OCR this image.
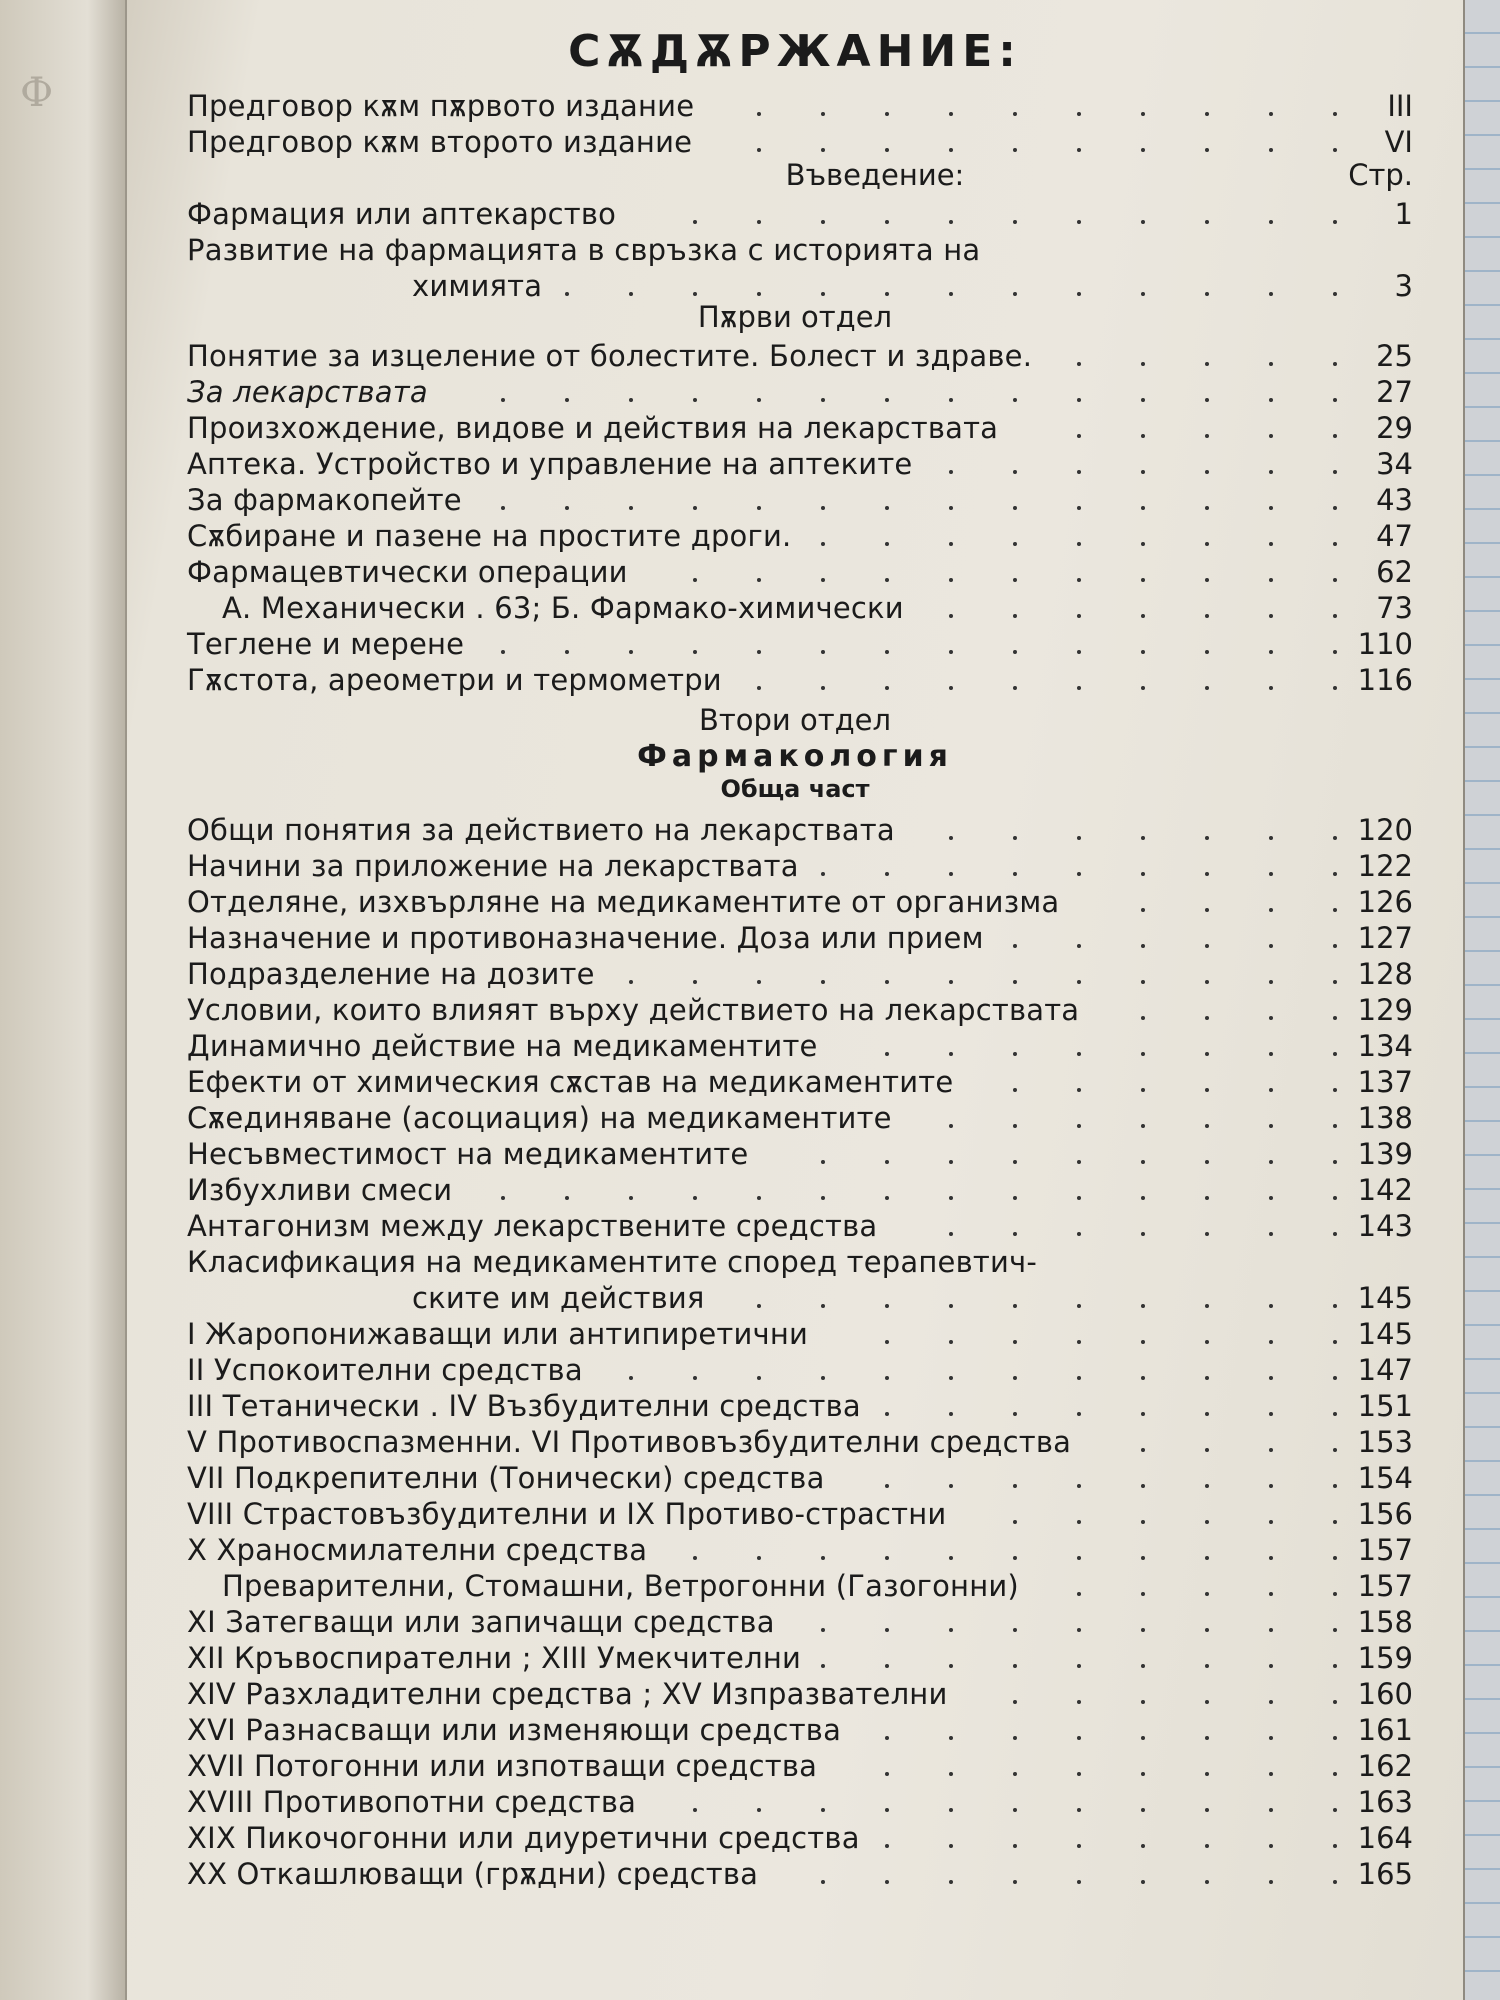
Ф
СѪДѪРЖАНИЕ:
Въведение:	Стр.
Пѫрви отдел
Втори отдел
Фармакология
Обща част
Предговор кѫм пѫрвото издание	III
Предговор кѫм второто издание	VI
Фармация или аптекарство	1
Развитие на фармацията в свръзка с историята на
химията	3
Понятие за изцеление от болестите. Болест и здраве.	25
За лекарствата	27
Произхождение, видове и действия на лекарствата	29
Аптека. Устройство и управление на аптеките	34
За фармакопейте	43
Сѫбиране и пазене на простите дроги.	47
Фармацевтически операции	62
А. Механически . 63; Б. Фармако-химически	73
Теглене и мерене	110
Гѫстота, ареометри и термометри	116
Общи понятия за действието на лекарствата	120
Начини за приложение на лекарствата	122
Отделяне, изхвърляне на медикаментите от организма	126
Назначение и противоназначение. Доза или прием	127
Подразделение на дозите	128
Условии, които влияят върху действието на лекарствата	129
Динамично действие на медикаментите	134
Ефекти от химическия сѫстав на медикаментите	137
Сѫединяване (асоциация) на медикаментите	138
Несъвместимост на медикаментите	139
Избухливи смеси	142
Антагонизм между лекарствените средства	143
Класификация на медикаментите според терапевтич-
ските им действия	145
I Жаропонижаващи или антипиретични	145
II Успокоителни средства	147
III Тетанически . IV Възбудителни средства	151
V Противоспазменни. VI Противовъзбудителни средства	153
VII Подкрепителни (Тонически) средства	154
VIII Страстовъзбудителни и IX Противо-страстни	156
X Храносмилателни средства	157
Преварителни, Стомашни, Ветрогонни (Газогонни)	157
XI Затегващи или запичащи средства	158
XII Кръвоспирателни ; XIII Умекчителни	159
XIV Разхладителни средства ; XV Изпразвателни	160
XVI Разнасващи или изменяющи средства	161
XVII Потогонни или изпотващи средства	162
XVIII Противопотни средства	163
XIX Пикочогонни или диуретични средства	164
XX Откашлюващи (грѫдни) средства	165
